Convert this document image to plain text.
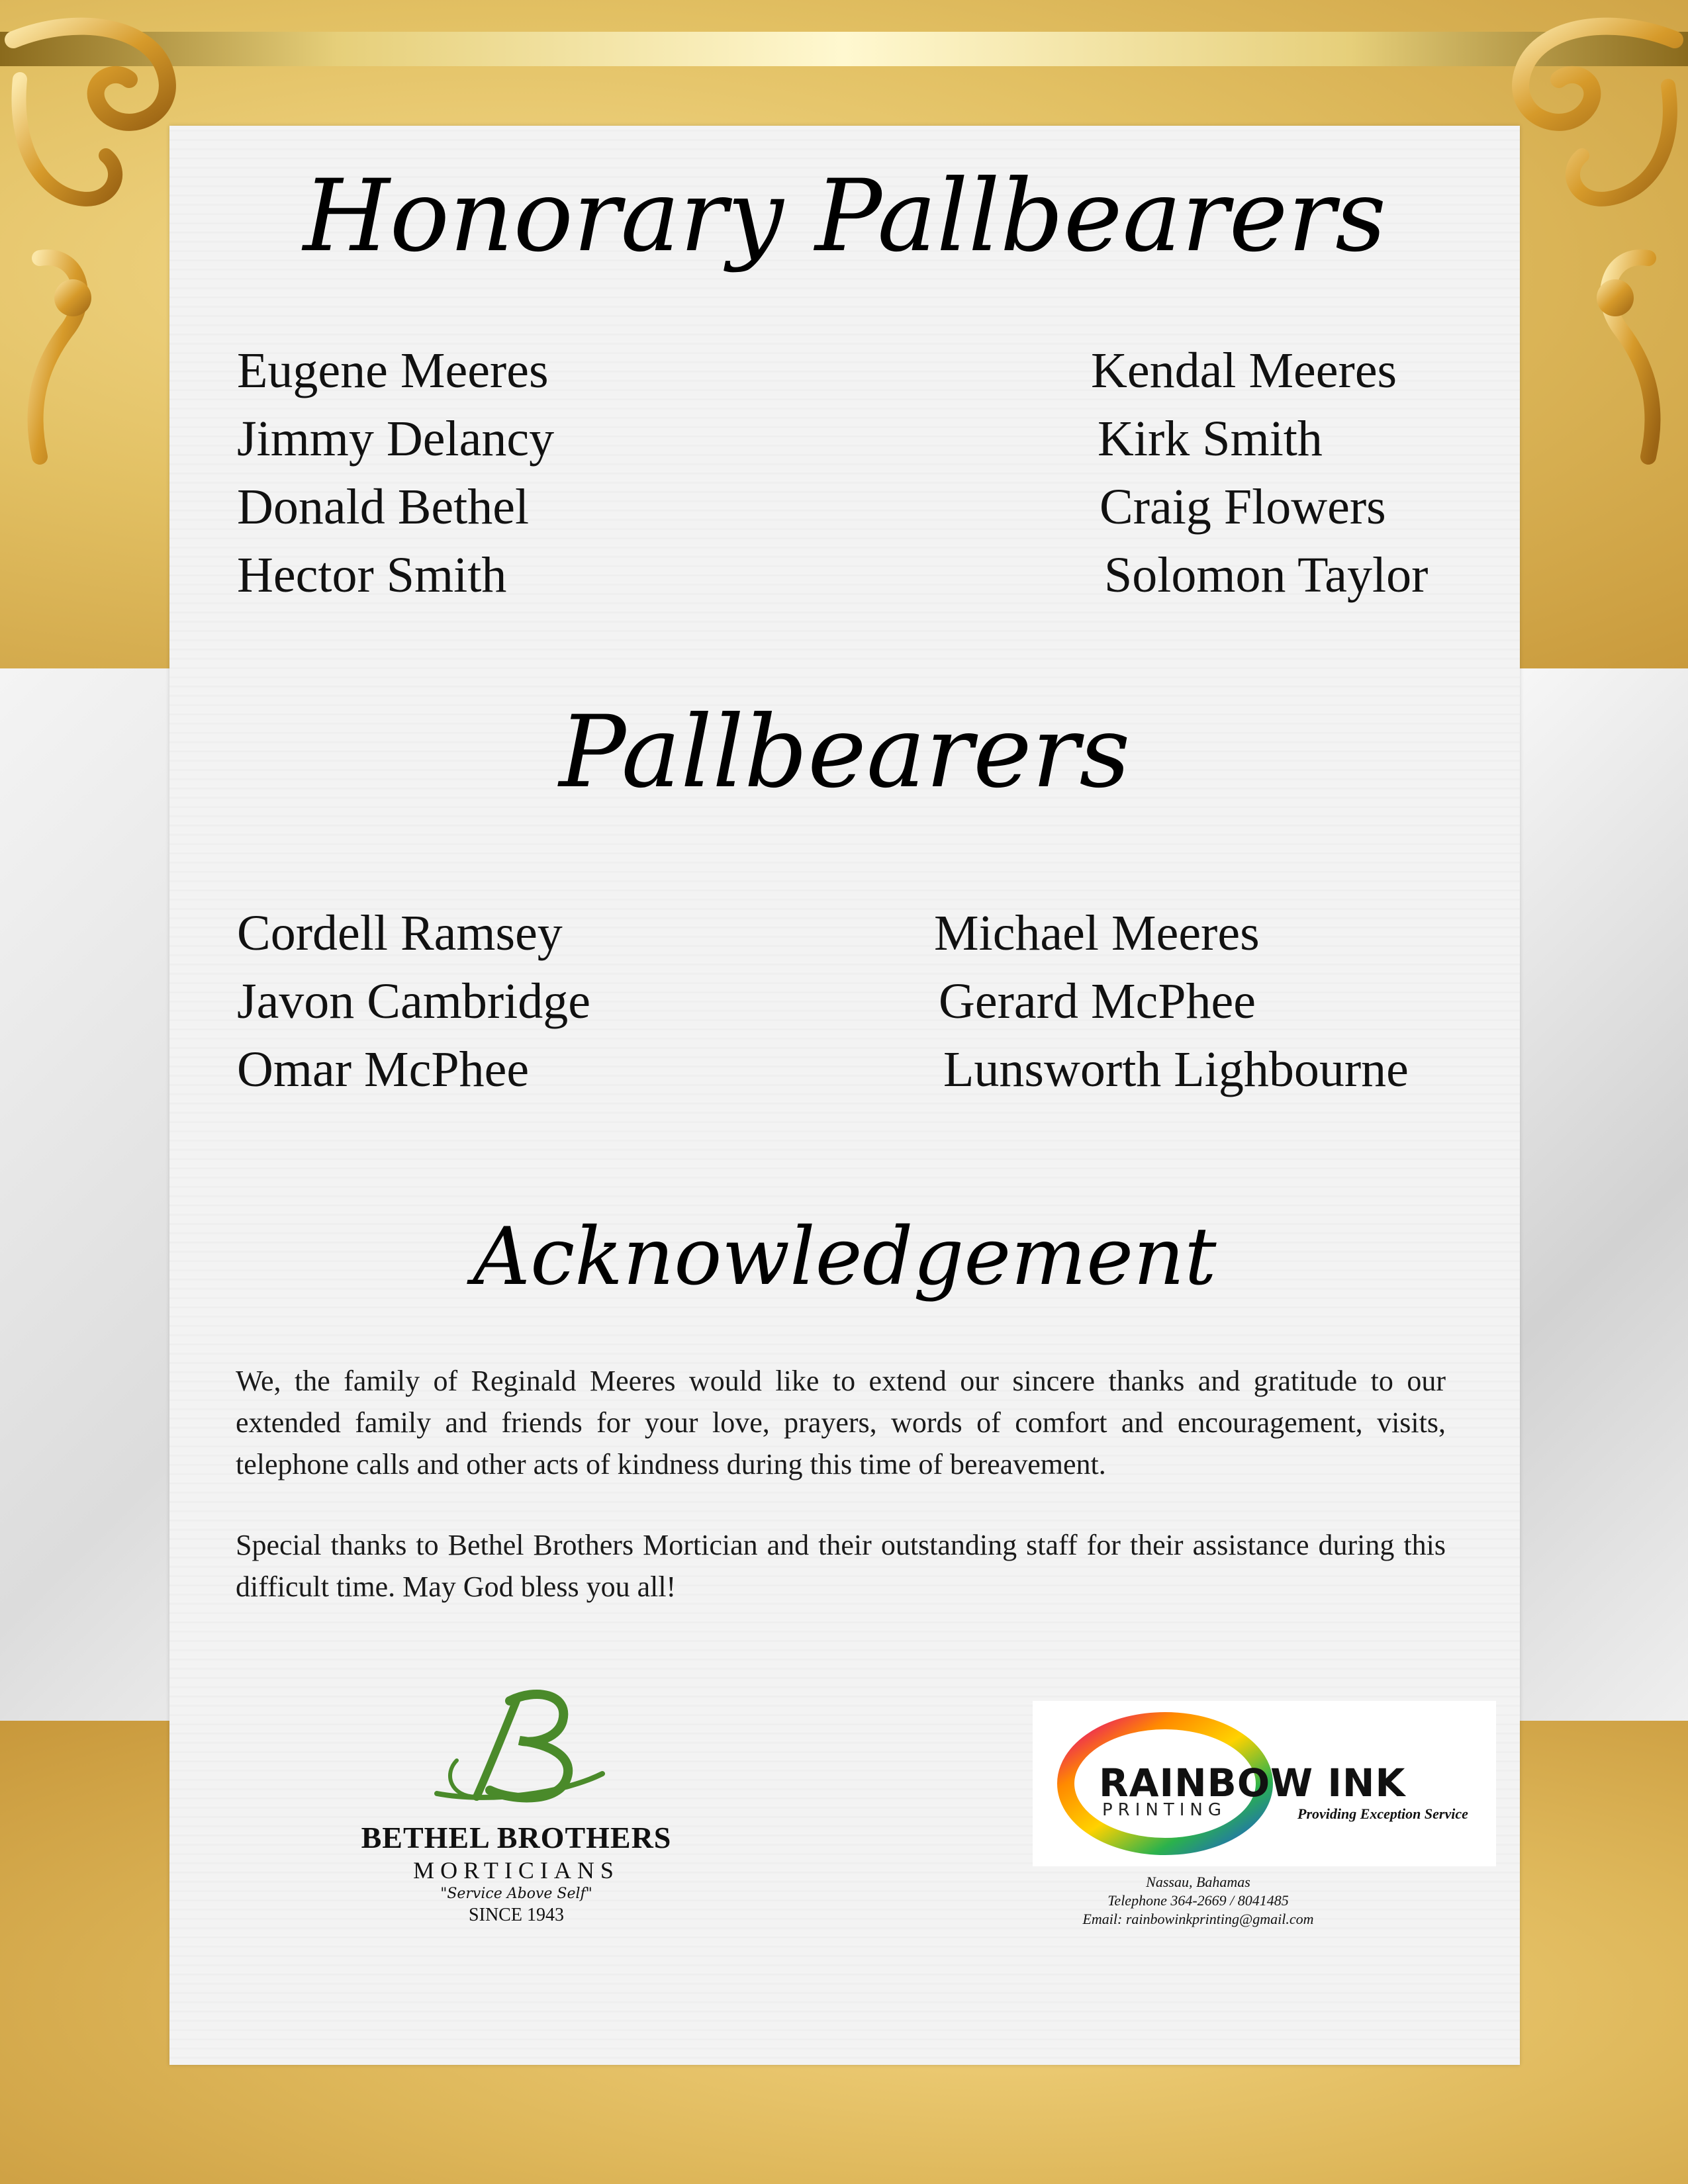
Honorary Pallbearers
Eugene Meeres
Jimmy Delancy
Donald Bethel
Hector Smith
Kendal Meeres
Kirk Smith
Craig Flowers
Solomon Taylor
Pallbearers
Cordell Ramsey
Javon Cambridge
Omar McPhee
Michael Meeres
Gerard McPhee
Lunsworth Lighbourne
Acknowledgement
We, the family of Reginald Meeres would like to extend our sincere thanks and gratitude to our extended family and friends for your love, prayers, words of comfort and encouragement, visits, telephone calls and other acts of kindness during this time of bereavement.
Special thanks to Bethel Brothers Mortician and their outstanding staff for their assistance during this difficult time. May God bless you all!
BETHEL BROTHERS
MORTICIANS
"Service Above Self"
SINCE 1943
RAINBOW INK
PRINTING	Providing Exception Service
Nassau, Bahamas
Telephone 364-2669 / 8041485
Email: rainbowinkprinting@gmail.com
